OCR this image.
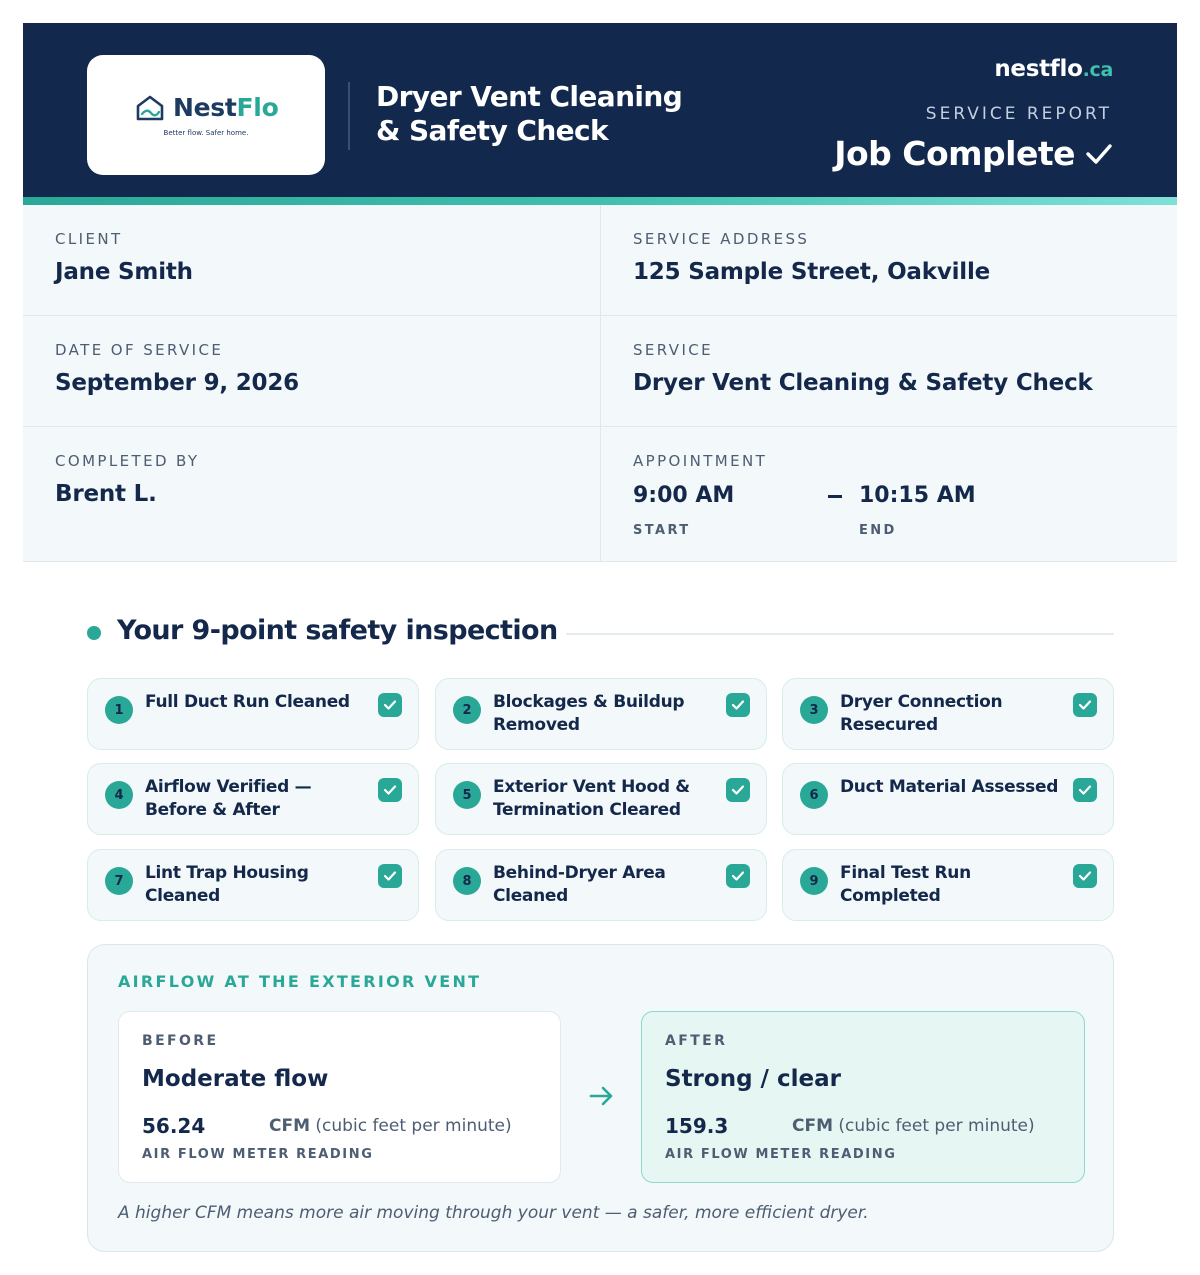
NestFlo
Better flow. Safer home.
Dryer Vent Cleaning
& Safety Check
nestflo.ca
SERVICE REPORT
Job Complete
CLIENT
Jane Smith
SERVICE ADDRESS
125 Sample Street, Oakville
DATE OF SERVICE
September 9, 2026
SERVICE
Dryer Vent Cleaning & Safety Check
COMPLETED BY
Brent L.
APPOINTMENT
9:00 AM
START
10:15 AM
END
Your 9-point safety inspection
1	Full Duct Run Cleaned	2	Blockages & Buildup Removed
3	Dryer Connection Resecured
4	Airflow Verified — Before & After
5	Exterior Vent Hood & Termination Cleared
6	Duct Material Assessed
7	Lint Trap Housing Cleaned
8	Behind-Dryer Area Cleaned
9	Final Test Run Completed
AIRFLOW AT THE EXTERIOR VENT
BEFORE
Moderate flow
56.24	CFM (cubic feet per minute)
AIR FLOW METER READING
AFTER
Strong / clear
159.3	CFM (cubic feet per minute)
AIR FLOW METER READING
A higher CFM means more air moving through your vent — a safer, more efficient dryer.
